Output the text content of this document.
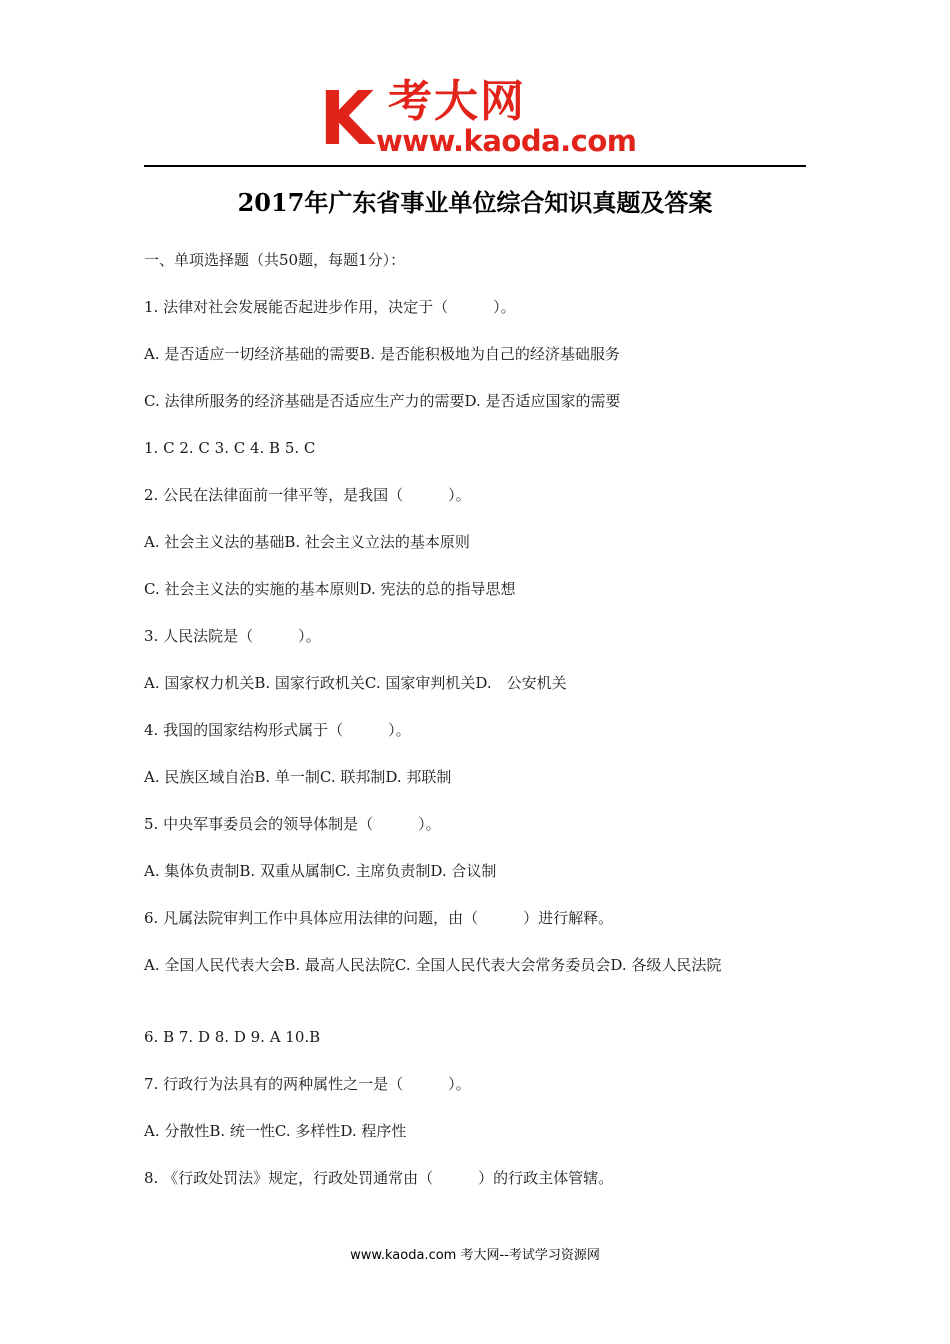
K 考大网
www.kaoda.com
2017年广东省事业单位综合知识真题及答案

一、单项选择题（共50题，每题1分）：

1. 法律对社会发展能否起进步作用，决定于（　　　）。

A. 是否适应一切经济基础的需要B. 是否能积极地为自己的经济基础服务

C. 法律所服务的经济基础是否适应生产力的需要D. 是否适应国家的需要

1. C 2. C 3. C 4. B 5. C

2. 公民在法律面前一律平等，是我国（　　　）。

A. 社会主义法的基础B. 社会主义立法的基本原则

C. 社会主义法的实施的基本原则D. 宪法的总的指导思想

3. 人民法院是（　　　）。

A. 国家权力机关B. 国家行政机关C. 国家审判机关D.　公安机关

4. 我国的国家结构形式属于（　　　）。

A. 民族区域自治B. 单一制C. 联邦制D. 邦联制

5. 中央军事委员会的领导体制是（　　　）。

A. 集体负责制B. 双重从属制C. 主席负责制D. 合议制

6. 凡属法院审判工作中具体应用法律的问题，由（　　　）进行解释。

A. 全国人民代表大会B. 最高人民法院C. 全国人民代表大会常务委员会D. 各级人民法院

6. B 7. D 8. D 9. A 10.B

7. 行政行为法具有的两种属性之一是（　　　）。

A. 分散性B. 统一性C. 多样性D. 程序性

8. 《行政处罚法》规定，行政处罚通常由（　　　）的行政主体管辖。

www.kaoda.com 考大网--考试学习资源网
